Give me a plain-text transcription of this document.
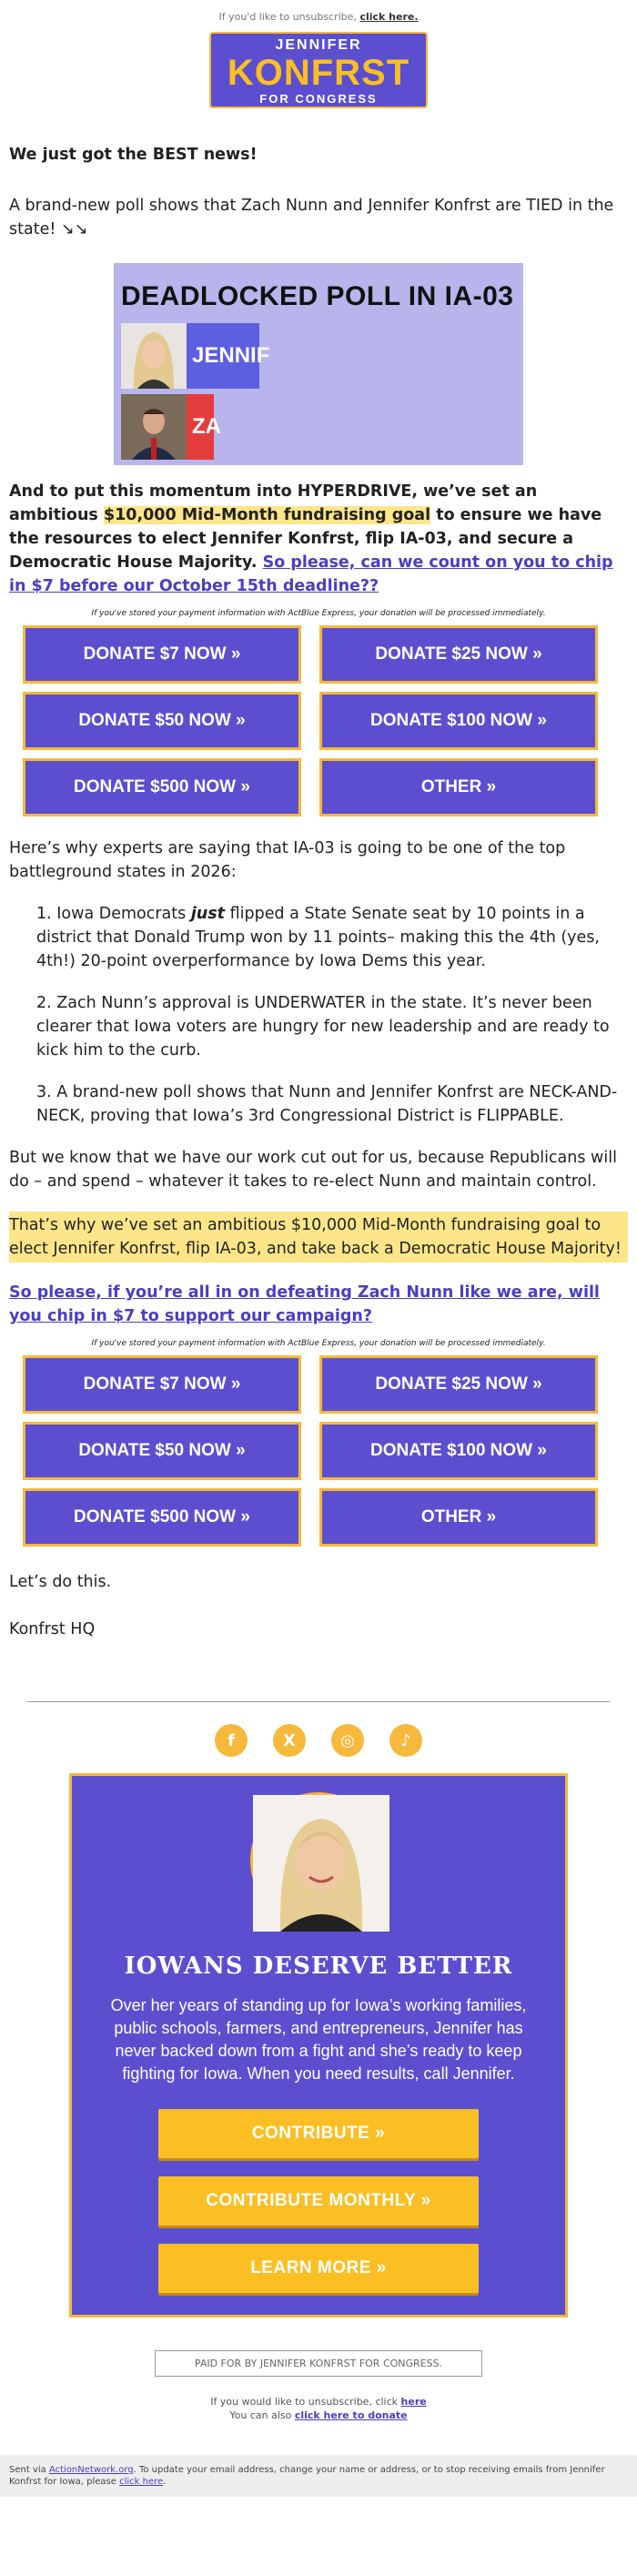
If you'd like to unsubscribe, click here.
JENNIFER
KONFRST
FOR CONGRESS
We just got the BEST news!
A brand-new poll shows that Zach Nunn and Jennifer Konfrst are TIED in the state! ↘↘
DEADLOCKED POLL IN IA-03
JENNIF
ZA
And to put this momentum into HYPERDRIVE, we’ve set an ambitious $10,000 Mid-Month fundraising goal to ensure we have the resources to elect Jennifer Konfrst, flip IA-03, and secure a Democratic House Majority. So please, can we count on you to chip in $7 before our October 15th deadline??
If you've stored your payment information with ActBlue Express, your donation will be processed immediately.
DONATE $7 NOW »	DONATE $25 NOW »
DONATE $50 NOW »	DONATE $100 NOW »
DONATE $500 NOW »	OTHER »
Here’s why experts are saying that IA-03 is going to be one of the top battleground states in 2026:
1. Iowa Democrats just flipped a State Senate seat by 10 points in a district that Donald Trump won by 11 points– making this the 4th (yes, 4th!) 20-point overperformance by Iowa Dems this year.
2. Zach Nunn’s approval is UNDERWATER in the state. It’s never been clearer that Iowa voters are hungry for new leadership and are ready to kick him to the curb.
3. A brand-new poll shows that Nunn and Jennifer Konfrst are NECK-AND-NECK, proving that Iowa’s 3rd Congressional District is FLIPPABLE.
But we know that we have our work cut out for us, because Republicans will do – and spend – whatever it takes to re-elect Nunn and maintain control.
That’s why we’ve set an ambitious $10,000 Mid-Month fundraising goal to elect Jennifer Konfrst, flip IA-03, and take back a Democratic House Majority!
So please, if you’re all in on defeating Zach Nunn like we are, will you chip in $7 to support our campaign?
If you've stored your payment information with ActBlue Express, your donation will be processed immediately.
DONATE $7 NOW »	DONATE $25 NOW »
DONATE $50 NOW »	DONATE $100 NOW »
DONATE $500 NOW »	OTHER »
Let’s do this.
Konfrst HQ
f	X	◎	♪
IOWANS DESERVE BETTER
Over her years of standing up for Iowa’s working families, public schools, farmers, and entrepreneurs, Jennifer has never backed down from a fight and she’s ready to keep fighting for Iowa. When you need results, call Jennifer.
CONTRIBUTE »
CONTRIBUTE MONTHLY »
LEARN MORE »
PAID FOR BY JENNIFER KONFRST FOR CONGRESS.
If you would like to unsubscribe, click here
You can also click here to donate
Sent via ActionNetwork.org. To update your email address, change your name or address, or to stop receiving emails from Jennifer Konfrst for Iowa, please click here.
